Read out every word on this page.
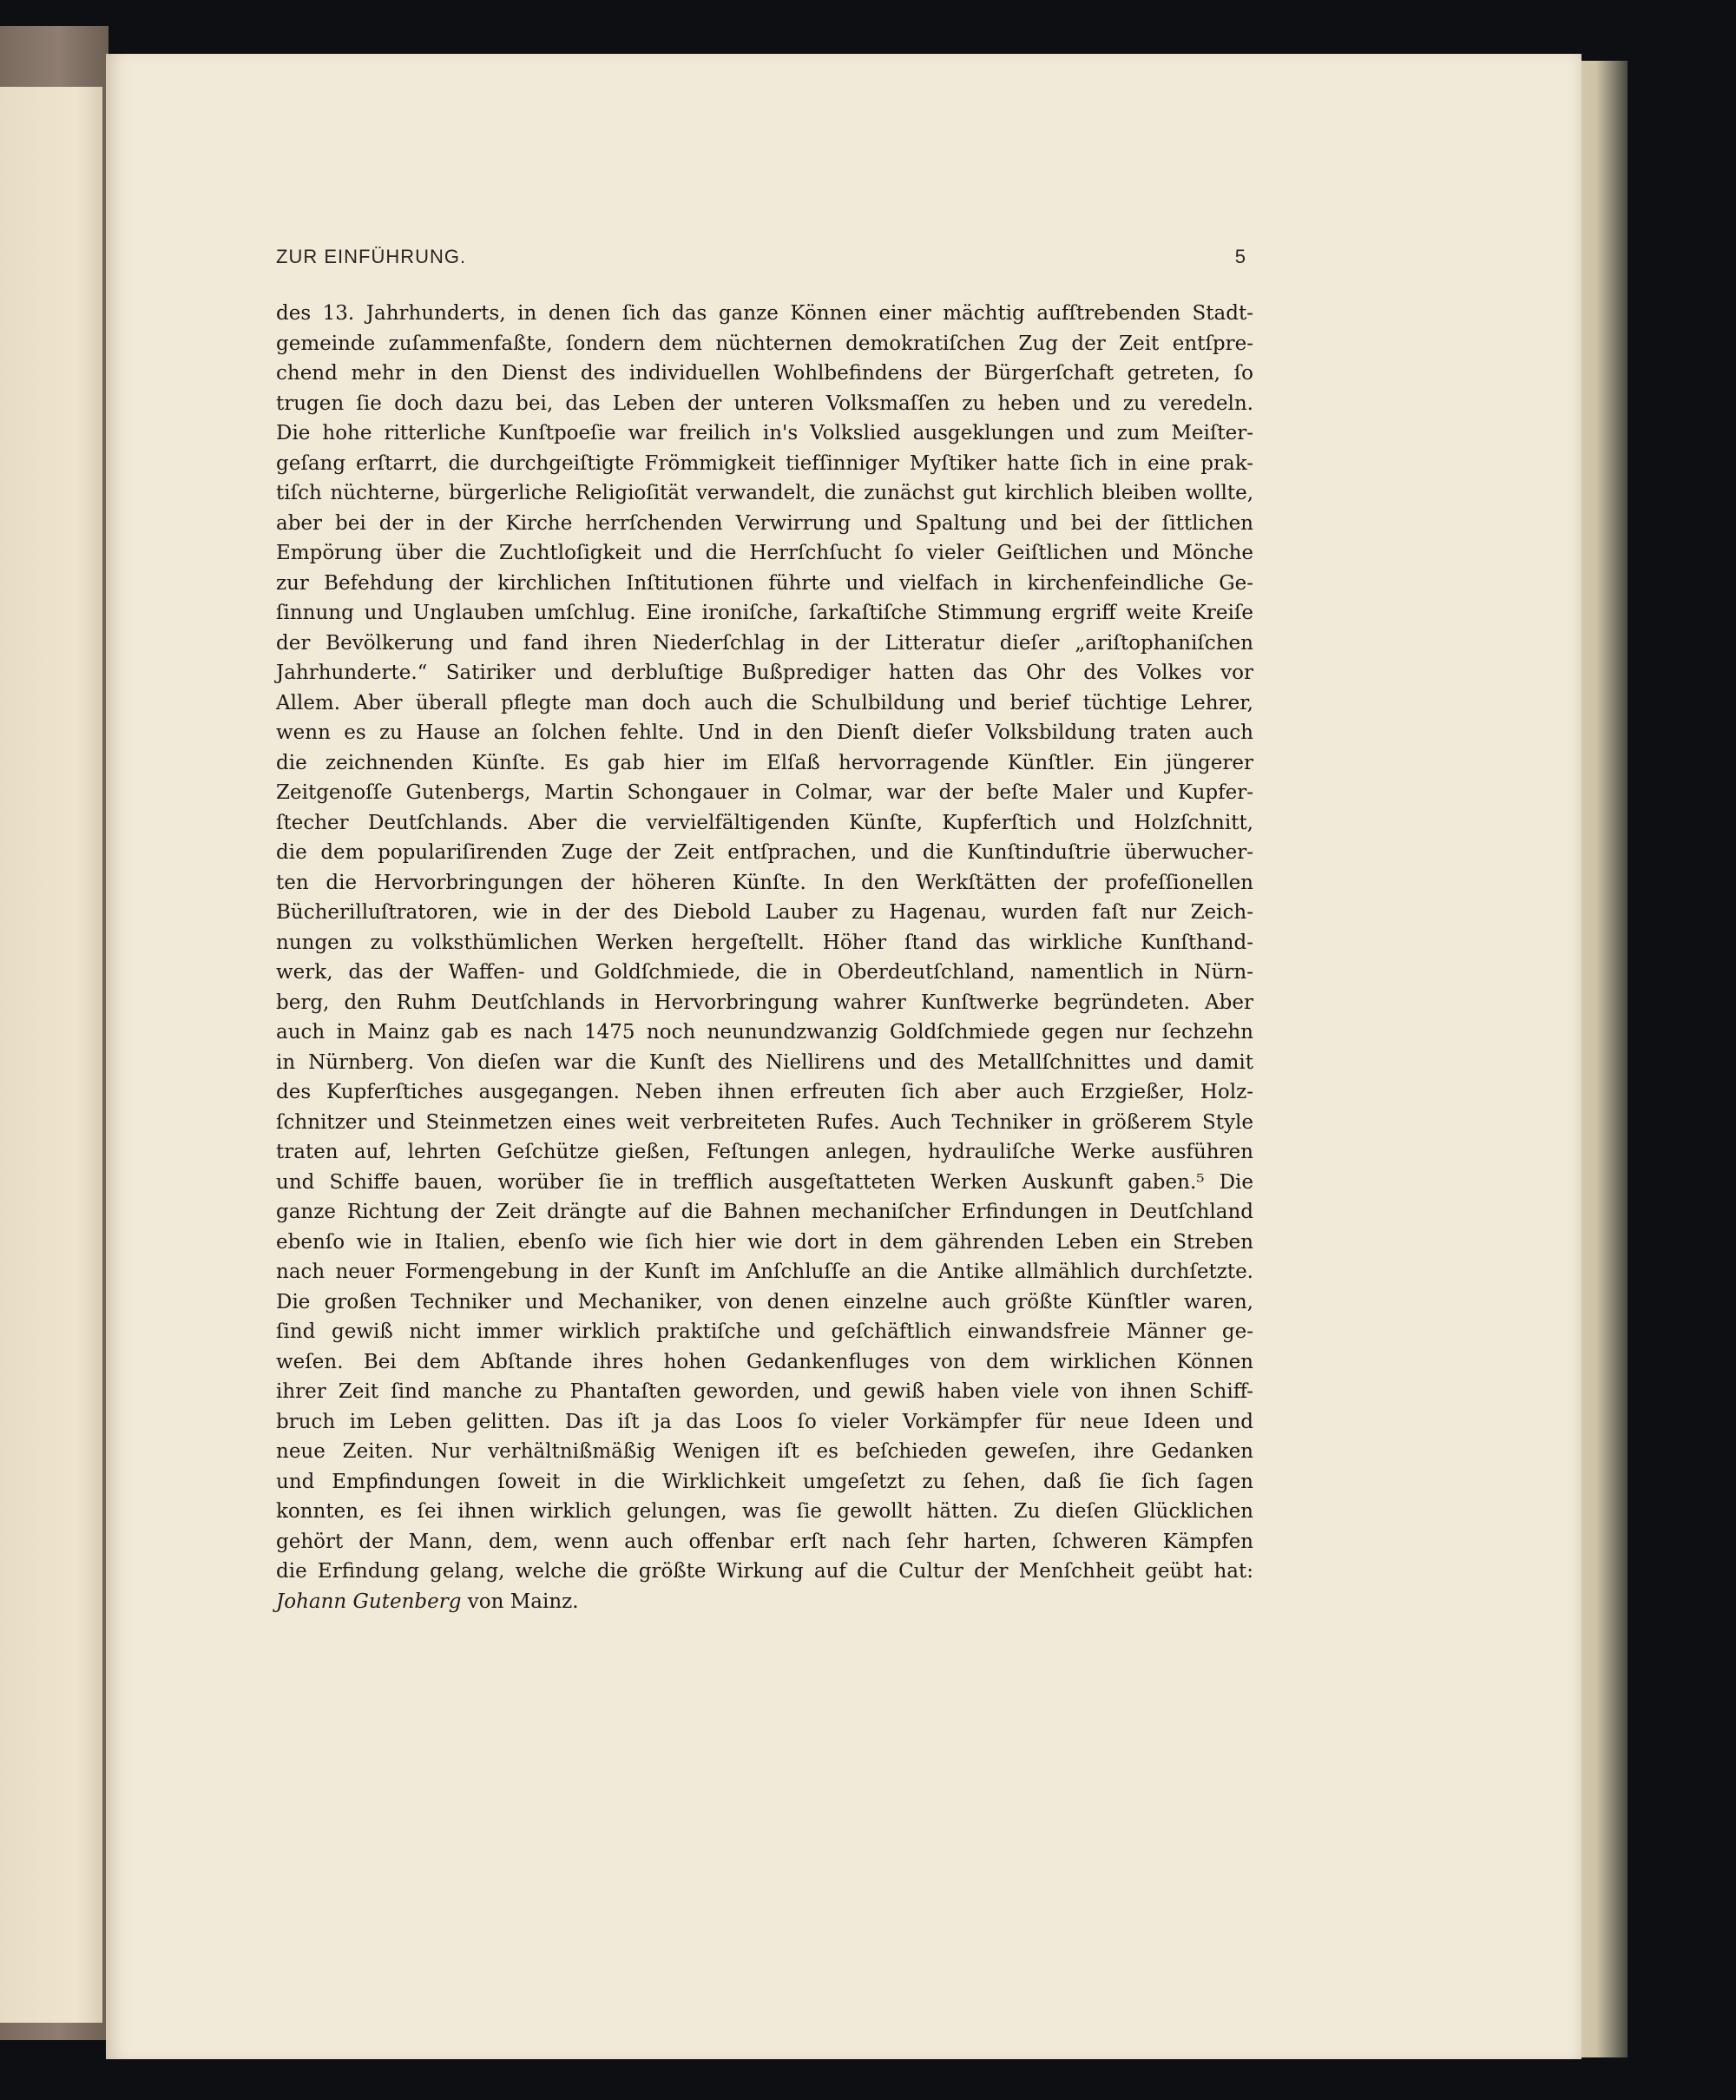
ZUR EINFÜHRUNG.	5
des 13. Jahrhunderts, in denen ſich das ganze Können einer mächtig aufſtrebenden Stadt-
gemeinde zuſammenfaßte, ſondern dem nüchternen demokratiſchen Zug der Zeit entſpre-
chend mehr in den Dienst des individuellen Wohlbefindens der Bürgerſchaft getreten, ſo
trugen ſie doch dazu bei, das Leben der unteren Volksmaſſen zu heben und zu veredeln.
Die hohe ritterliche Kunſtpoeſie war freilich in's Volkslied ausgeklungen und zum Meiſter-
geſang erſtarrt, die durchgeiſtigte Frömmigkeit tiefſinniger Myſtiker hatte ſich in eine prak-
tiſch nüchterne, bürgerliche Religioſität verwandelt, die zunächst gut kirchlich bleiben wollte,
aber bei der in der Kirche herrſchenden Verwirrung und Spaltung und bei der ſittlichen
Empörung über die Zuchtloſigkeit und die Herrſchſucht ſo vieler Geiſtlichen und Mönche
zur Befehdung der kirchlichen Inſtitutionen führte und vielfach in kirchenfeindliche Ge-
ſinnung und Unglauben umſchlug. Eine ironiſche, ſarkaſtiſche Stimmung ergriff weite Kreiſe
der Bevölkerung und fand ihren Niederſchlag in der Litteratur dieſer „ariſtophaniſchen
Jahrhunderte.“ Satiriker und derbluſtige Bußprediger hatten das Ohr des Volkes vor
Allem. Aber überall pflegte man doch auch die Schulbildung und berief tüchtige Lehrer,
wenn es zu Hause an ſolchen fehlte. Und in den Dienſt dieſer Volksbildung traten auch
die zeichnenden Künſte. Es gab hier im Elſaß hervorragende Künſtler. Ein jüngerer
Zeitgenoſſe Gutenbergs, Martin Schongauer in Colmar, war der beſte Maler und Kupfer-
ſtecher Deutſchlands. Aber die vervielfältigenden Künſte, Kupferſtich und Holzſchnitt,
die dem populariſirenden Zuge der Zeit entſprachen, und die Kunſtinduſtrie überwucher-
ten die Hervorbringungen der höheren Künſte. In den Werkſtätten der profeſſionellen
Bücherilluſtratoren, wie in der des Diebold Lauber zu Hagenau, wurden faſt nur Zeich-
nungen zu volksthümlichen Werken hergeſtellt. Höher ſtand das wirkliche Kunſthand-
werk, das der Waffen- und Goldſchmiede, die in Oberdeutſchland, namentlich in Nürn-
berg, den Ruhm Deutſchlands in Hervorbringung wahrer Kunſtwerke begründeten. Aber
auch in Mainz gab es nach 1475 noch neunundzwanzig Goldſchmiede gegen nur ſechzehn
in Nürnberg. Von dieſen war die Kunſt des Niellirens und des Metallſchnittes und damit
des Kupferſtiches ausgegangen. Neben ihnen erfreuten ſich aber auch Erzgießer, Holz-
ſchnitzer und Steinmetzen eines weit verbreiteten Rufes. Auch Techniker in größerem Style
traten auf, lehrten Geſchütze gießen, Feſtungen anlegen, hydrauliſche Werke ausführen
und Schiffe bauen, worüber ſie in trefflich ausgeſtatteten Werken Auskunft gaben.⁵ Die
ganze Richtung der Zeit drängte auf die Bahnen mechaniſcher Erfindungen in Deutſchland
ebenſo wie in Italien, ebenſo wie ſich hier wie dort in dem gährenden Leben ein Streben
nach neuer Formengebung in der Kunſt im Anſchluſſe an die Antike allmählich durchſetzte.
Die großen Techniker und Mechaniker, von denen einzelne auch größte Künſtler waren,
ſind gewiß nicht immer wirklich praktiſche und geſchäftlich einwandsfreie Männer ge-
weſen. Bei dem Abſtande ihres hohen Gedankenfluges von dem wirklichen Können
ihrer Zeit ſind manche zu Phantaſten geworden, und gewiß haben viele von ihnen Schiff-
bruch im Leben gelitten. Das iſt ja das Loos ſo vieler Vorkämpfer für neue Ideen und
neue Zeiten. Nur verhältnißmäßig Wenigen iſt es beſchieden geweſen, ihre Gedanken
und Empfindungen ſoweit in die Wirklichkeit umgeſetzt zu ſehen, daß ſie ſich ſagen
konnten, es ſei ihnen wirklich gelungen, was ſie gewollt hätten. Zu dieſen Glücklichen
gehört der Mann, dem, wenn auch offenbar erſt nach ſehr harten, ſchweren Kämpfen
die Erfindung gelang, welche die größte Wirkung auf die Cultur der Menſchheit geübt hat:
Johann Gutenberg von Mainz.
